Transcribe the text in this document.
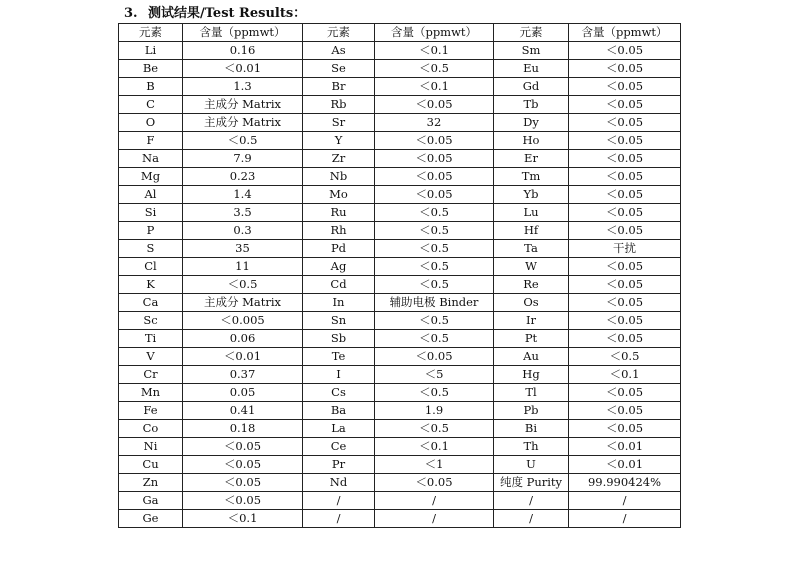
3. 测试结果/Test Results：
元素	含量（ppmwt）	元素	含量（ppmwt）	元素	含量（ppmwt）
Li	0.16	As	＜0.1	Sm	＜0.05
Be	＜0.01	Se	＜0.5	Eu	＜0.05
B	1.3	Br	＜0.1	Gd	＜0.05
C	主成分 Matrix	Rb	＜0.05	Tb	＜0.05
O	主成分 Matrix	Sr	32	Dy	＜0.05
F	＜0.5	Y	＜0.05	Ho	＜0.05
Na	7.9	Zr	＜0.05	Er	＜0.05
Mg	0.23	Nb	＜0.05	Tm	＜0.05
Al	1.4	Mo	＜0.05	Yb	＜0.05
Si	3.5	Ru	＜0.5	Lu	＜0.05
P	0.3	Rh	＜0.5	Hf	＜0.05
S	35	Pd	＜0.5	Ta	干扰
Cl	11	Ag	＜0.5	W	＜0.05
K	＜0.5	Cd	＜0.5	Re	＜0.05
Ca	主成分 Matrix	In	辅助电极 Binder	Os	＜0.05
Sc	＜0.005	Sn	＜0.5	Ir	＜0.05
Ti	0.06	Sb	＜0.5	Pt	＜0.05
V	＜0.01	Te	＜0.05	Au	＜0.5
Cr	0.37	I	＜5	Hg	＜0.1
Mn	0.05	Cs	＜0.5	Tl	＜0.05
Fe	0.41	Ba	1.9	Pb	＜0.05
Co	0.18	La	＜0.5	Bi	＜0.05
Ni	＜0.05	Ce	＜0.1	Th	＜0.01
Cu	＜0.05	Pr	＜1	U	＜0.01
Zn	＜0.05	Nd	＜0.05	纯度 Purity	99.990424%
Ga	＜0.05	/	/	/	/
Ge	＜0.1	/	/	/	/
